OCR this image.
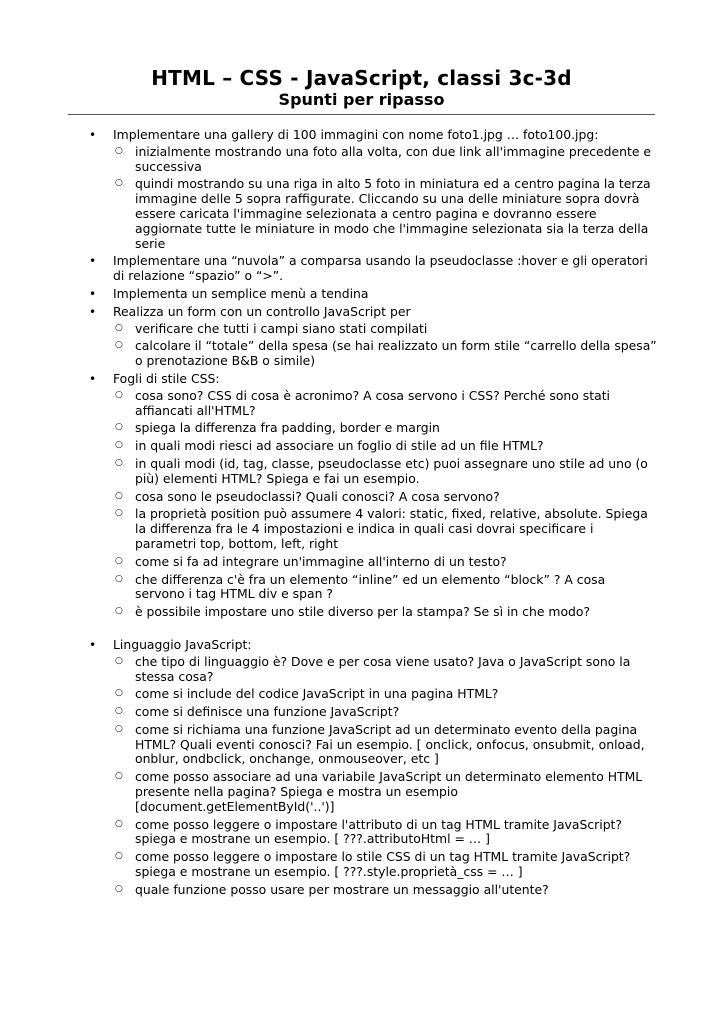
HTML – CSS - JavaScript, classi 3c-3d
Spunti per ripasso
• Implementare una gallery di 100 immagini con nome foto1.jpg … foto100.jpg:
○ inizialmente mostrando una foto alla volta, con due link all'immagine precedente e successiva
○ quindi mostrando su una riga in alto 5 foto in miniatura ed a centro pagina la terza immagine delle 5 sopra raffigurate. Cliccando su una delle miniature sopra dovrà essere caricata l'immagine selezionata a centro pagina e dovranno essere aggiornate tutte le miniature in modo che l'immagine selezionata sia la terza della serie
• Implementare una “nuvola” a comparsa usando la pseudoclasse :hover e gli operatori di relazione “spazio” o “>”.
• Implementa un semplice menù a tendina
• Realizza un form con un controllo JavaScript per
○ verificare che tutti i campi siano stati compilati
○ calcolare il “totale” della spesa (se hai realizzato un form stile “carrello della spesa” o prenotazione B&B o simile)
• Fogli di stile CSS:
○ cosa sono? CSS di cosa è acronimo? A cosa servono i CSS? Perché sono stati affiancati all'HTML?
○ spiega la differenza fra padding, border e margin
○ in quali modi riesci ad associare un foglio di stile ad un file HTML?
○ in quali modi (id, tag, classe, pseudoclasse etc) puoi assegnare uno stile ad uno (o più) elementi HTML? Spiega e fai un esempio.
○ cosa sono le pseudoclassi? Quali conosci? A cosa servono?
○ la proprietà position può assumere 4 valori: static, fixed, relative, absolute. Spiega la differenza fra le 4 impostazioni e indica in quali casi dovrai specificare i parametri top, bottom, left, right
○ come si fa ad integrare un'immagine all'interno di un testo?
○ che differenza c'è fra un elemento “inline” ed un elemento “block” ? A cosa servono i tag HTML div e span ?
○ è possibile impostare uno stile diverso per la stampa? Se sì in che modo?
• Linguaggio JavaScript:
○ che tipo di linguaggio è? Dove e per cosa viene usato? Java o JavaScript sono la stessa cosa?
○ come si include del codice JavaScript in una pagina HTML?
○ come si definisce una funzione JavaScript?
○ come si richiama una funzione JavaScript ad un determinato evento della pagina HTML? Quali eventi conosci? Fai un esempio. [ onclick, onfocus, onsubmit, onload, onblur, ondbclick, onchange, onmouseover, etc ]
○ come posso associare ad una variabile JavaScript un determinato elemento HTML presente nella pagina? Spiega e mostra un esempio [document.getElementById('..')]
○ come posso leggere o impostare l'attributo di un tag HTML tramite JavaScript? spiega e mostrane un esempio. [ ???.attributoHtml = … ]
○ come posso leggere o impostare lo stile CSS di un tag HTML tramite JavaScript? spiega e mostrane un esempio. [ ???.style.proprietà_css = … ]
○ quale funzione posso usare per mostrare un messaggio all'utente?
